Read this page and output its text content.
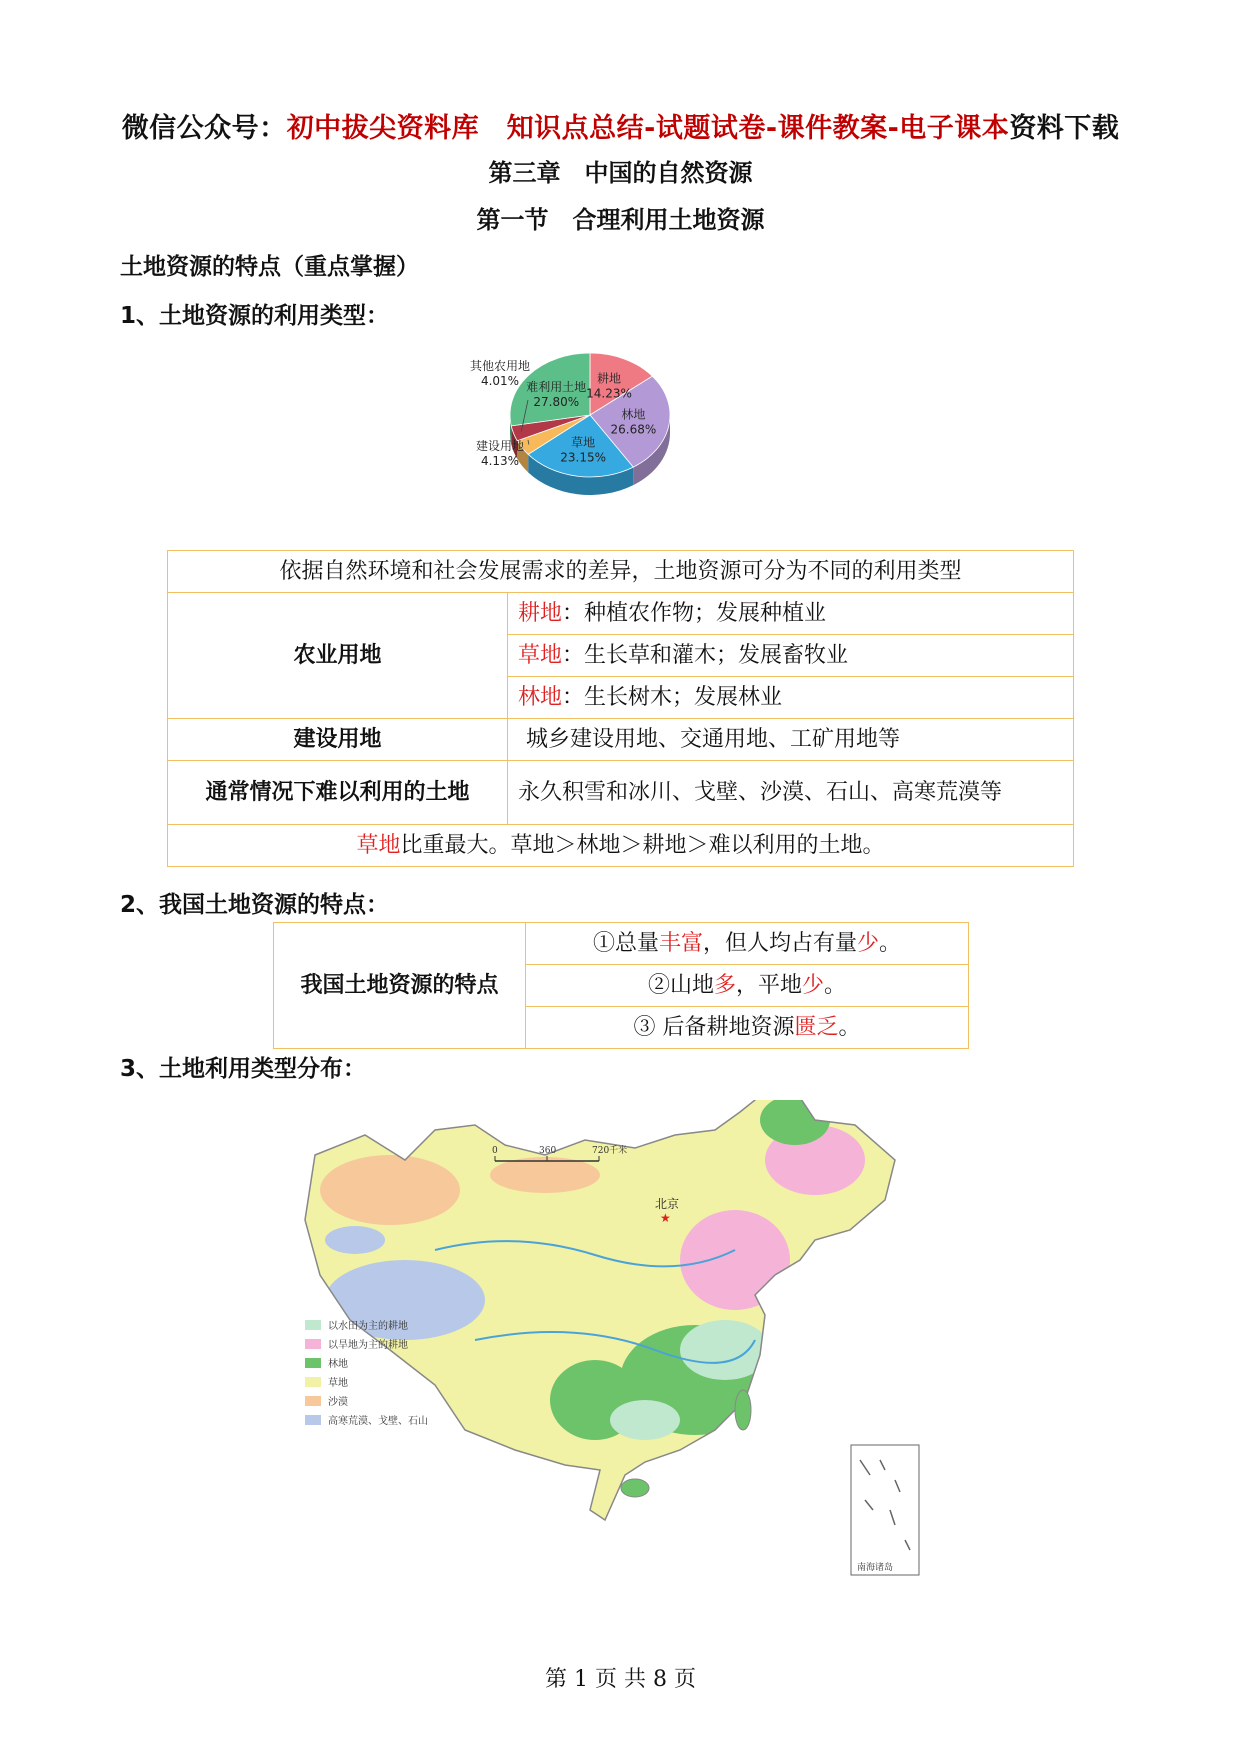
微信公众号：初中拔尖资料库　知识点总结-试题试卷-课件教案-电子课本资料下载
第三章　中国的自然资源
第一节　合理利用土地资源
土地资源的特点（重点掌握）
1、土地资源的利用类型：
耕地
14.23%
林地
26.68%
草地
23.15%
建设用地
4.13%
其他农用地
4.01% 难利用土地
27.80%
依据自然环境和社会发展需求的差异，土地资源可分为不同的利用类型	
农业用地	耕地：种植农作物；发展种植业
	草地：生长草和灌木；发展畜牧业
	林地：生长树木；发展林业
建设用地	城乡建设用地、交通用地、工矿用地等
通常情况下难以利用的土地	永久积雪和冰川、戈壁、沙漠、石山、高寒荒漠等
草地比重最大。草地＞林地＞耕地＞难以利用的土地。	
2、我国土地资源的特点：
我国土地资源的特点	①总量丰富，但人均占有量少。
②山地多，平地少。
③ 后备耕地资源匮乏。
3、土地利用类型分布：
0	360	720千米
北京
★
南海诸岛
以水田为主的耕地
以旱地为主的耕地
林地
草地
沙漠
高寒荒漠、戈壁、石山
第 1 页 共 8 页
